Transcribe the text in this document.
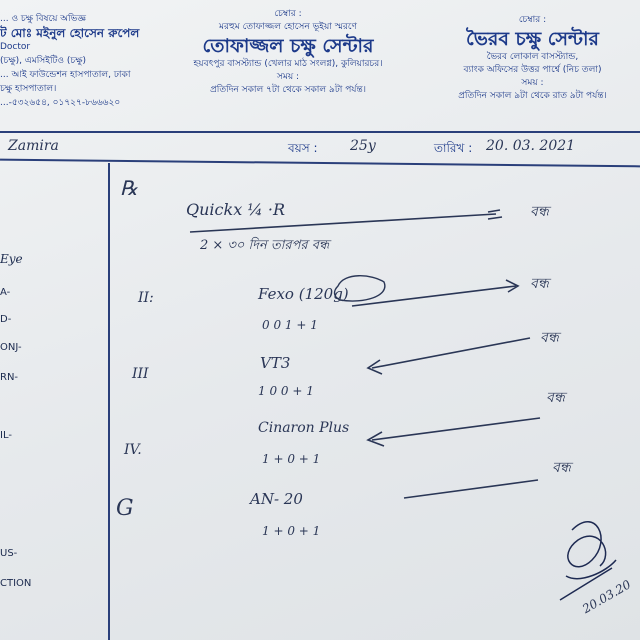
... ও চক্ষু বিষয়ে অভিজ্ঞ
ট মোঃ মইনুল হোসেন রুপেল
Doctor
(চক্ষু), এমসিইটিও (চক্ষু)
... আই ফাউন্ডেশন হাসপাতাল, ঢাকা
চক্ষু হাসপাতাল।
...-৫৩২৬৫৪, ০১৭২৭-৮৬৬৬২০
চেম্বার :
মরহুম তোফাজ্জল হোসেন ভূইয়া স্মরণে
তোফাজ্জল চক্ষু সেন্টার
হয়বৎপুর বাসস্ট্যান্ড (খেলার মাঠ সংলগ্ন), কুলিয়ারচর।
সময় :
প্রতিদিন সকাল ৭টা থেকে সকাল ৯টা পর্যন্ত।
চেম্বার :
ভৈরব চক্ষু সেন্টার
ভৈরব লোকাল বাসস্ট্যান্ড,
ব্যাংক অফিসের উত্তর পার্শ্বে (নিচ তলা)
সময় :
প্রতিদিন সকাল ৯টা থেকে রাত ৯টা পর্যন্ত।
Zamira	বয়স : 25y	তারিখ : 20. 03. 2021
Eye
A-
D-
ONJ-
RN-
IL-
US-
CTION
℞
Quickx ¼ ·R
2 × ৩০ দিন তারপর বন্ধ
বন্ধ
II:	Fexo (120g)
0 0 1 + 1
বন্ধ
III
VT3
1 0 0 + 1
বন্ধ
IV.
Cinaron Plus
1 + 0 + 1
বন্ধ
G	AN- 20
1 + 0 + 1
বন্ধ
20.03.20
